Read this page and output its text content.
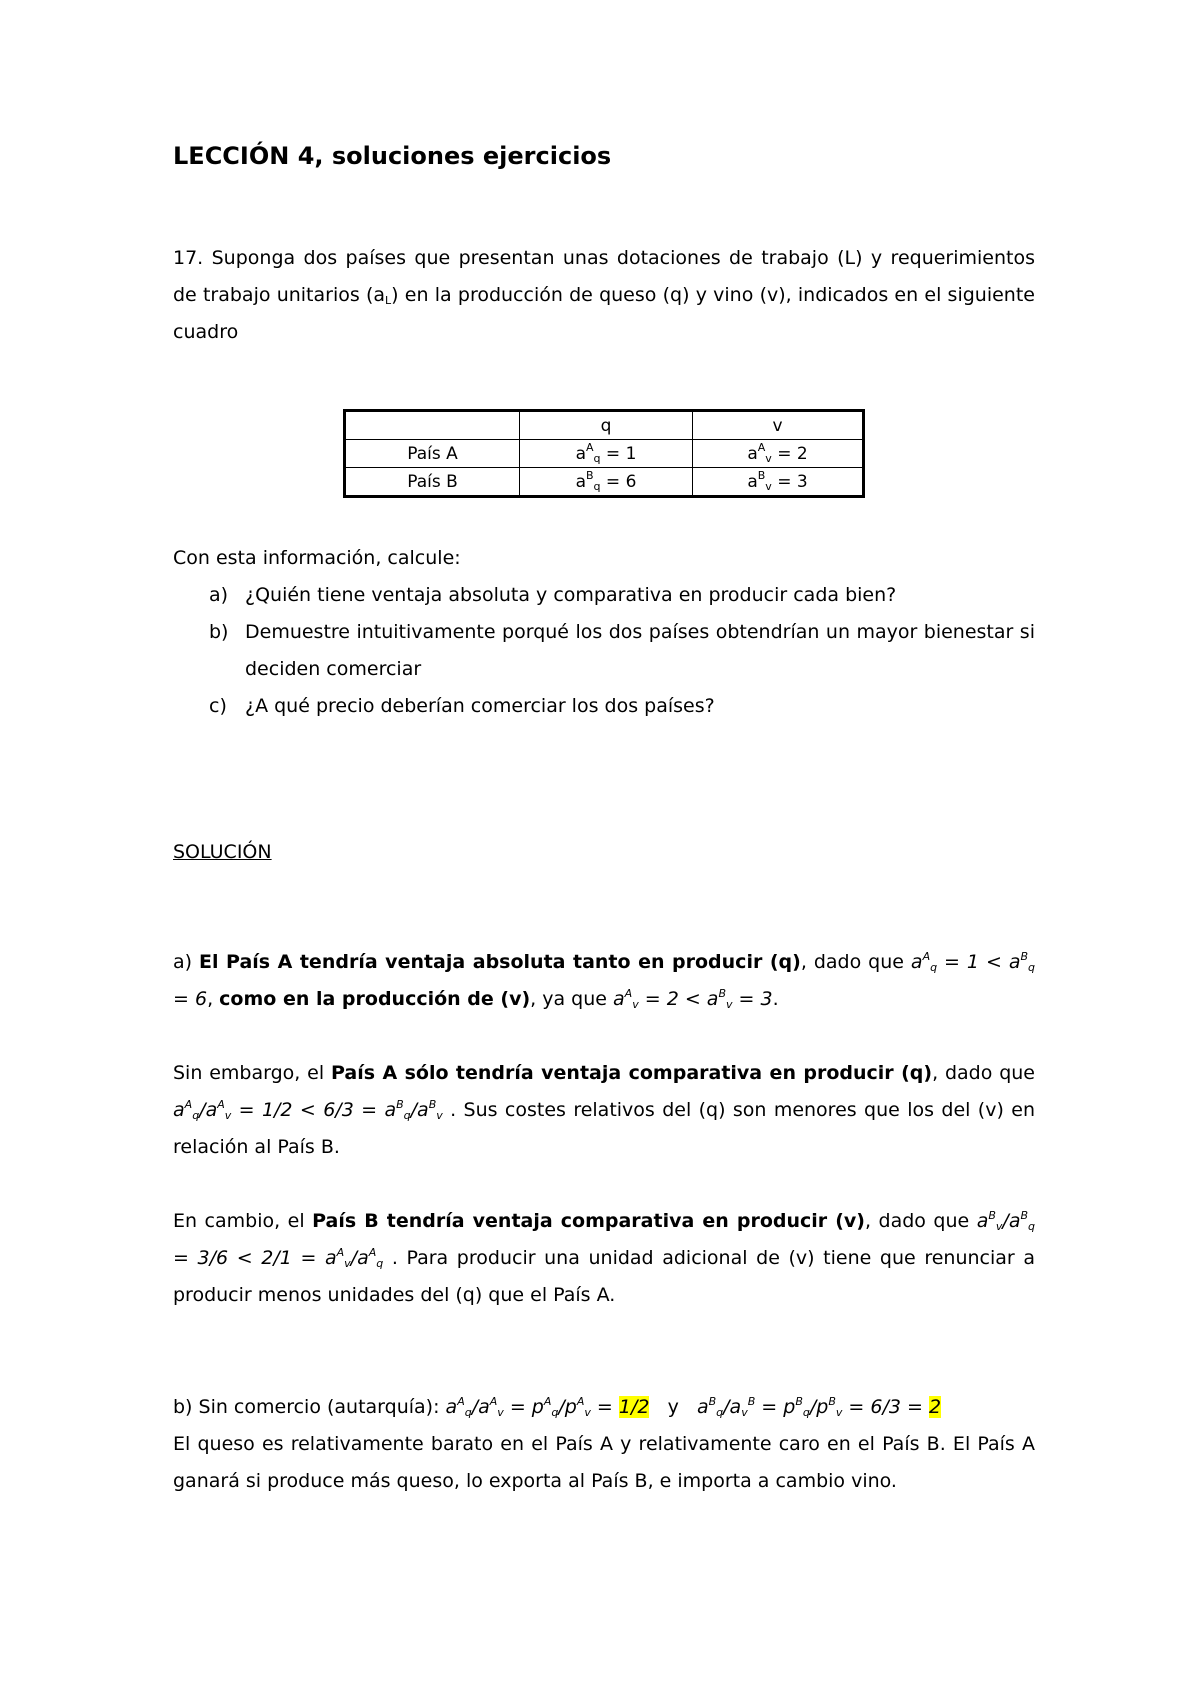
LECCIÓN 4, soluciones ejercicios

17. Suponga dos países que presentan unas dotaciones de trabajo (L) y requerimientos de trabajo unitarios $(a_L)$ en la producción de queso (q) y vino (v), indicados en el siguiente cuadro

	q	v
País A	$a^A_q = 1$	$a^A_v = 2$
País B	$a^B_q = 6$	$a^B_v = 3$
Con esta información, calcule:
a) ¿Quién tiene ventaja absoluta y comparativa en producir cada bien?
b) Demuestre intuitivamente porqué los dos países obtendrían un mayor bienestar si deciden comerciar
c) ¿A qué precio deberían comerciar los dos países?

SOLUCIÓN

a) El País A tendría ventaja absoluta tanto en producir (q), dado que $a^A_q = 1 < a^B_q = 6$, como en la producción de (v), ya que $a^A_v = 2 < a^B_v = 3$.

Sin embargo, el País A sólo tendría ventaja comparativa en producir (q), dado que $a^A_q/a^A_v = 1/2 < 6/3 = a^B_q/a^B_v$ . Sus costes relativos del (q) son menores que los del (v) en relación al País B.

En cambio, el País B tendría ventaja comparativa en producir (v), dado que $a^B_v/a^B_q = 3/6 < 2/1 = a^A_v/a^A_q$ . Para producir una unidad adicional de (v) tiene que renunciar a producir menos unidades del (q) que el País A.

b) Sin comercio (autarquía): $a^A_q/a^A_v = p^A_q/p^A_v = 1/2$   y   $a^B_q/a_v^B = p^B_q/p^B_v = 6/3 = 2$
El queso es relativamente barato en el País A y relativamente caro en el País B. El País A ganará si produce más queso, lo exporta al País B, e importa a cambio vino.
